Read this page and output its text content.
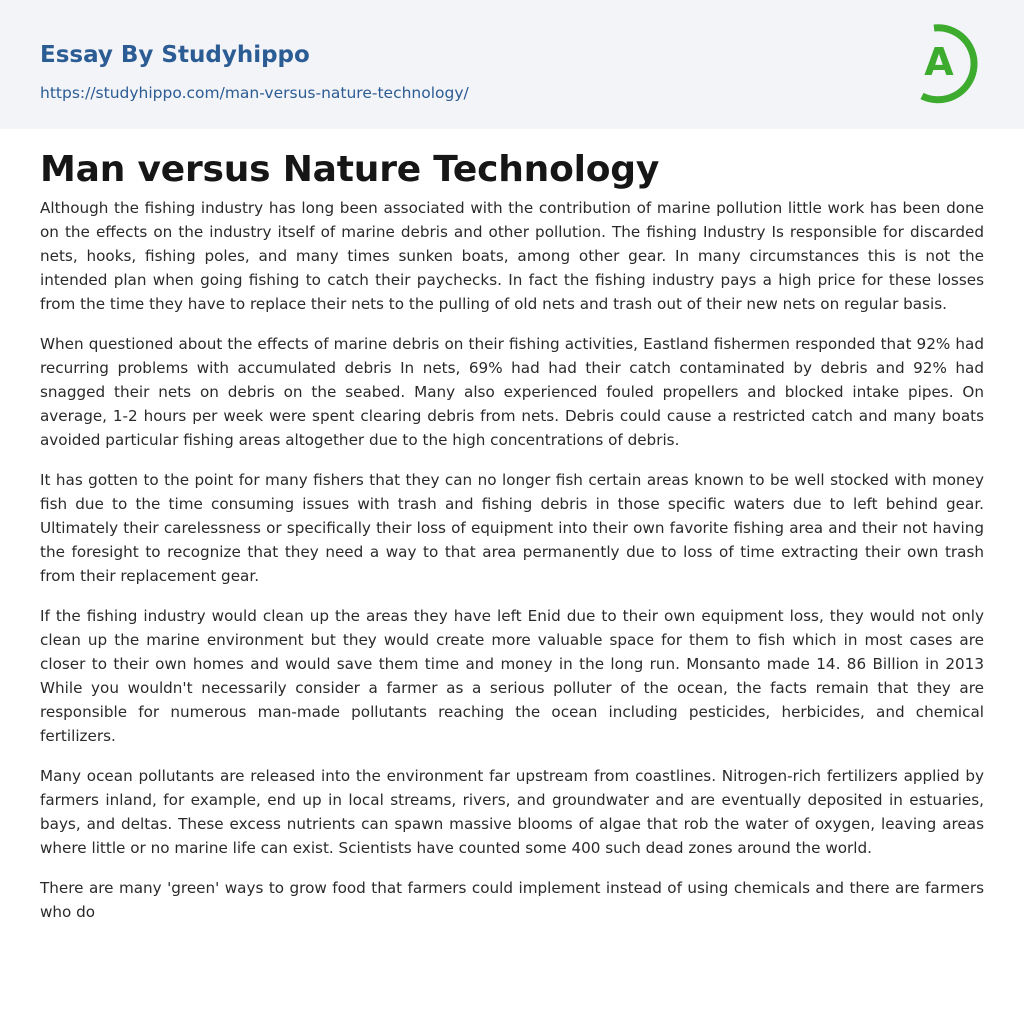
Essay By Studyhippo
https://studyhippo.com/man-versus-nature-technology/
A
Man versus Nature Technology

Although the fishing industry has long been associated with the contribution of marine pollution little work has been done on the effects on the industry itself of marine debris and other pollution. The fishing Industry Is responsible for discarded nets, hooks, fishing poles, and many times sunken boats, among other gear. In many circumstances this is not the intended plan when going fishing to catch their paychecks. In fact the fishing industry pays a high price for these losses from the time they have to replace their nets to the pulling of old nets and trash out of their new nets on regular basis.

When questioned about the effects of marine debris on their fishing activities, Eastland fishermen responded that 92% had recurring problems with accumulated debris In nets, 69% had had their catch contaminated by debris and 92% had snagged their nets on debris on the seabed. Many also experienced fouled propellers and blocked intake pipes. On average, 1-2 hours per week were spent clearing debris from nets. Debris could cause a restricted catch and many boats avoided particular fishing areas altogether due to the high concentrations of debris.

It has gotten to the point for many fishers that they can no longer fish certain areas known to be well stocked with money fish due to the time consuming issues with trash and fishing debris in those specific waters due to left behind gear. Ultimately their carelessness or specifically their loss of equipment into their own favorite fishing area and their not having the foresight to recognize that they need a way to that area permanently due to loss of time extracting their own trash from their replacement gear.

If the fishing industry would clean up the areas they have left Enid due to their own equipment loss, they would not only clean up the marine environment but they would create more valuable space for them to fish which in most cases are closer to their own homes and would save them time and money in the long run. Monsanto made 14. 86 Billion in 2013 While you wouldn't necessarily consider a farmer as a serious polluter of the ocean, the facts remain that they are responsible for numerous man-made pollutants reaching the ocean including pesticides, herbicides, and chemical fertilizers.

Many ocean pollutants are released into the environment far upstream from coastlines. Nitrogen-rich fertilizers applied by farmers inland, for example, end up in local streams, rivers, and groundwater and are eventually deposited in estuaries, bays, and deltas. These excess nutrients can spawn massive blooms of algae that rob the water of oxygen, leaving areas where little or no marine life can exist. Scientists have counted some 400 such dead zones around the world.

There are many 'green' ways to grow food that farmers could implement instead of using chemicals and there are farmers who do
